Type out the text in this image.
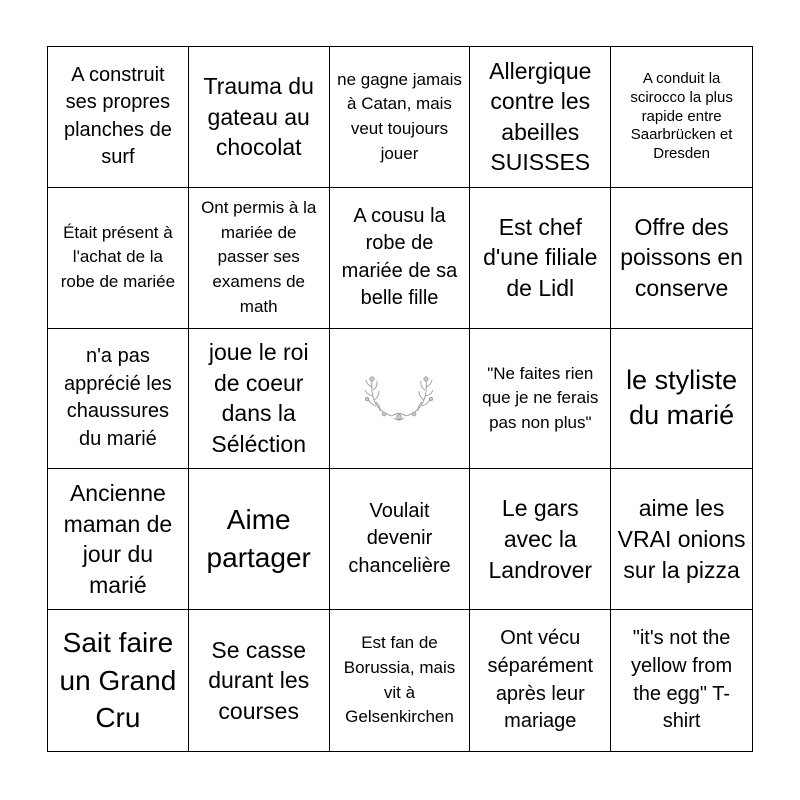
A construit ses propres planches de surf
Trauma du gateau au chocolat
ne gagne jamais à Catan, mais veut toujours jouer
Allergique contre les abeilles SUISSES
A conduit la scirocco la plus rapide entre Saarbrücken et Dresden
Était présent à l'achat de la robe de mariée
Ont permis à la mariée de passer ses examens de math
A cousu la robe de mariée de sa belle fille
Est chef d'une filiale de Lidl
Offre des poissons en conserve
n'a pas apprécié les chaussures du marié
joue le roi de coeur dans la Séléction
"Ne faites rien que je ne ferais pas non plus"
le styliste du marié
Ancienne maman de jour du marié
Aime partager
Voulait devenir chancelière
Le gars avec la Landrover
aime les VRAI onions sur la pizza
Sait faire un Grand Cru
Se casse durant les courses
Est fan de Borussia, mais vit à Gelsenkirchen
Ont vécu séparément après leur mariage
"it's not the yellow from the egg" T-shirt
